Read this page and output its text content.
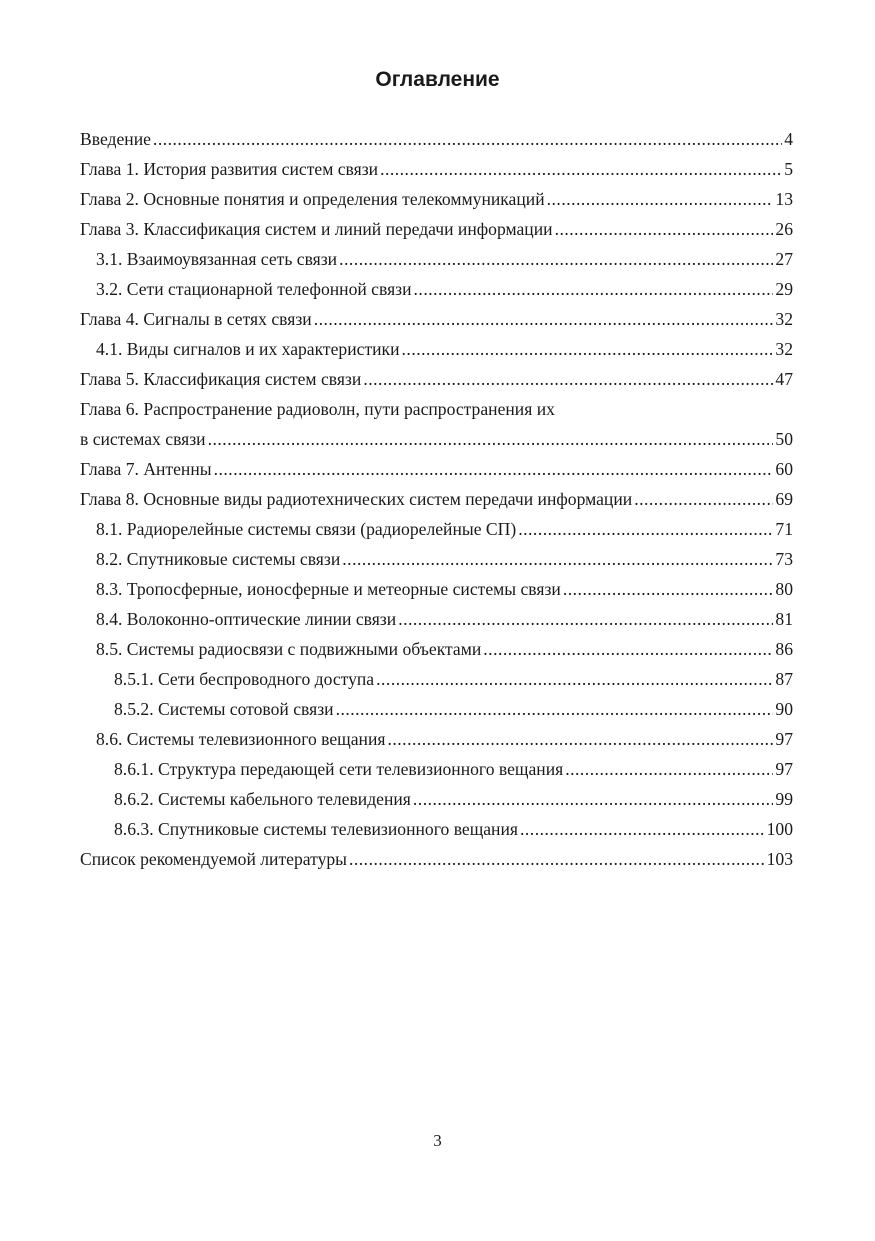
Оглавление
Введение .....	4
Глава 1. История развития систем связи .....	5
Глава 2. Основные понятия и определения телекоммуникаций .....	13
Глава 3. Классификация систем и линий передачи информации .....	26
3.1. Взаимоувязанная сеть связи .....	27
3.2. Сети стационарной телефонной связи .....	29
Глава 4. Сигналы в сетях связи .....	32
4.1. Виды сигналов и их характеристики .....	32
Глава 5. Классификация систем связи .....	47
Глава 6. Распространение радиоволн, пути распространения их
в системах связи .....	50
Глава 7. Антенны .....	60
Глава 8. Основные виды радиотехнических систем передачи информации .....	69
8.1. Радиорелейные системы связи (радиорелейные СП) .....	71
8.2. Спутниковые системы связи .....	73
8.3. Тропосферные, ионосферные и метеорные системы связи .....	80
8.4. Волоконно-оптические линии связи .....	81
8.5. Системы радиосвязи с подвижными объектами .....	86
8.5.1. Сети беспроводного доступа .....	87
8.5.2. Системы сотовой связи .....	90
8.6. Системы телевизионного вещания .....	97
8.6.1. Структура передающей сети телевизионного вещания .....	97
8.6.2. Системы кабельного телевидения .....	99
8.6.3. Спутниковые системы телевизионного вещания .....	100
Список рекомендуемой литературы .....	103
3
